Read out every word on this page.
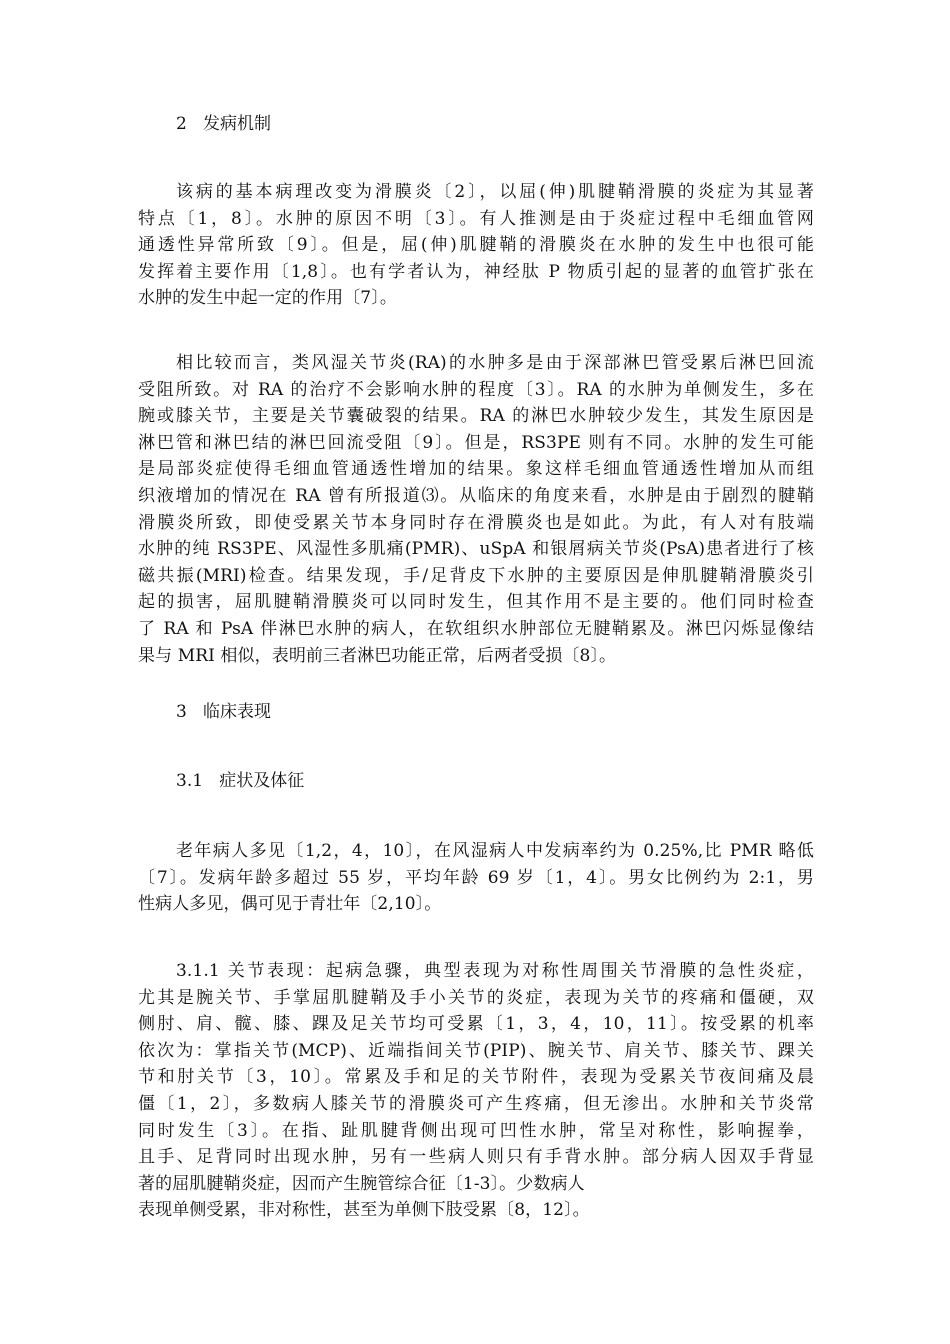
2   发病机制
该病的基本病理改变为滑膜炎〔2〕，以屈(伸)肌腱鞘滑膜的炎症为其显著
特点〔1，8〕。水肿的原因不明〔3〕。有人推测是由于炎症过程中毛细血管网
通透性异常所致〔9〕。但是，屈(伸)肌腱鞘的滑膜炎在水肿的发生中也很可能
发挥着主要作用〔1,8〕。也有学者认为，神经肽 P 物质引起的显著的血管扩张在
水肿的发生中起一定的作用〔7〕。
相比较而言，类风湿关节炎(RA)的水肿多是由于深部淋巴管受累后淋巴回流
受阻所致。对 RA 的治疗不会影响水肿的程度〔3〕。RA 的水肿为单侧发生，多在
腕或膝关节，主要是关节囊破裂的结果。RA 的淋巴水肿较少发生，其发生原因是
淋巴管和淋巴结的淋巴回流受阻〔9〕。但是，RS3PE 则有不同。水肿的发生可能
是局部炎症使得毛细血管通透性增加的结果。象这样毛细血管通透性增加从而组
织液增加的情况在 RA 曾有所报道⑶。从临床的角度来看，水肿是由于剧烈的腱鞘
滑膜炎所致，即使受累关节本身同时存在滑膜炎也是如此。为此，有人对有肢端
水肿的纯 RS3PE、风湿性多肌痛(PMR)、uSpA 和银屑病关节炎(PsA)患者进行了核
磁共振(MRI)检查。结果发现，手/足背皮下水肿的主要原因是伸肌腱鞘滑膜炎引
起的损害，屈肌腱鞘滑膜炎可以同时发生，但其作用不是主要的。他们同时检查
了 RA 和 PsA 伴淋巴水肿的病人，在软组织水肿部位无腱鞘累及。淋巴闪烁显像结
果与 MRI 相似，表明前三者淋巴功能正常，后两者受损〔8〕。
3   临床表现
3.1   症状及体征
老年病人多见〔1,2，4，10〕，在风湿病人中发病率约为 0.25%,比 PMR 略低
〔7〕。发病年龄多超过 55 岁，平均年龄 69 岁〔1，4〕。男女比例约为 2:1，男
性病人多见，偶可见于青壮年〔2,10〕。
3.1.1 关节表现：起病急骤，典型表现为对称性周围关节滑膜的急性炎症，
尤其是腕关节、手掌屈肌腱鞘及手小关节的炎症，表现为关节的疼痛和僵硬，双
侧肘、肩、髋、膝、踝及足关节均可受累〔1，3，4，10，11〕。按受累的机率
依次为：掌指关节(MCP)、近端指间关节(PIP)、腕关节、肩关节、膝关节、踝关
节和肘关节〔3，10〕。常累及手和足的关节附件，表现为受累关节夜间痛及晨
僵〔1，2〕，多数病人膝关节的滑膜炎可产生疼痛，但无渗出。水肿和关节炎常
同时发生〔3〕。在指、趾肌腱背侧出现可凹性水肿，常呈对称性，影响握拳，
且手、足背同时出现水肿，另有一些病人则只有手背水肿。部分病人因双手背显
著的屈肌腱鞘炎症，因而产生腕管综合征〔1-3〕。少数病人
表现单侧受累，非对称性，甚至为单侧下肢受累〔8，12〕。
